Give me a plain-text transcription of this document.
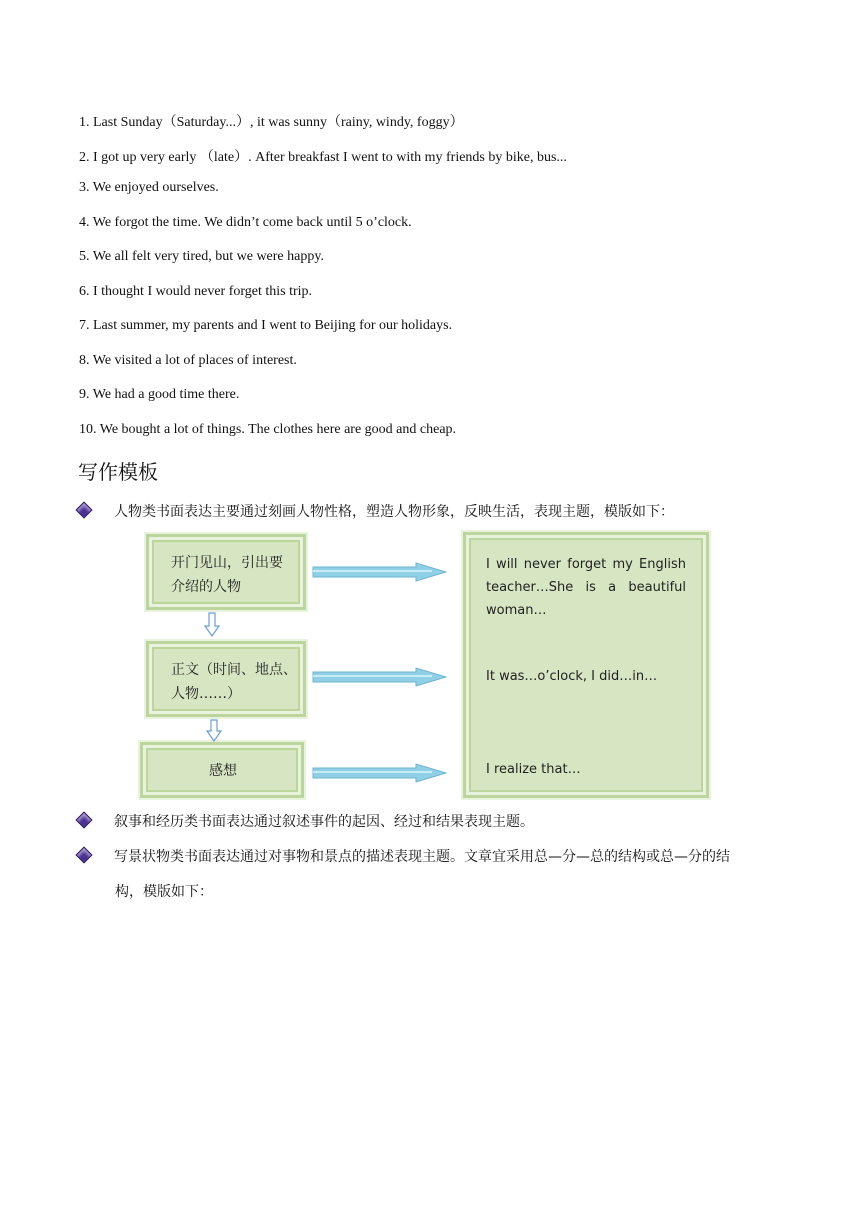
1. Last Sunday（Saturday...）, it was sunny（rainy, windy, foggy）
2. I got up very early （late）. After breakfast I went to with my friends by bike, bus...
3. We enjoyed ourselves.
4. We forgot the time. We didn’t come back until 5 o’clock.
5. We all felt very tired, but we were happy.
6. I thought I would never forget this trip.
7. Last summer, my parents and I went to Beijing for our holidays.
8. We visited a lot of places of interest.
9. We had a good time there.
10. We bought a lot of things. The clothes here are good and cheap.
写作模板
人物类书面表达主要通过刻画人物性格，塑造人物形象，反映生活，表现主题，模版如下：
开门见山，引出要
介绍的人物
正文（时间、地点、
人物……）
感想
I will never forget my English teacher…She is a beautiful woman…
It was…o’clock, I did…in…
I realize that…
叙事和经历类书面表达通过叙述事件的起因、经过和结果表现主题。
写景状物类书面表达通过对事物和景点的描述表现主题。文章宜采用总—分—总的结构或总—分的结
构，模版如下：
